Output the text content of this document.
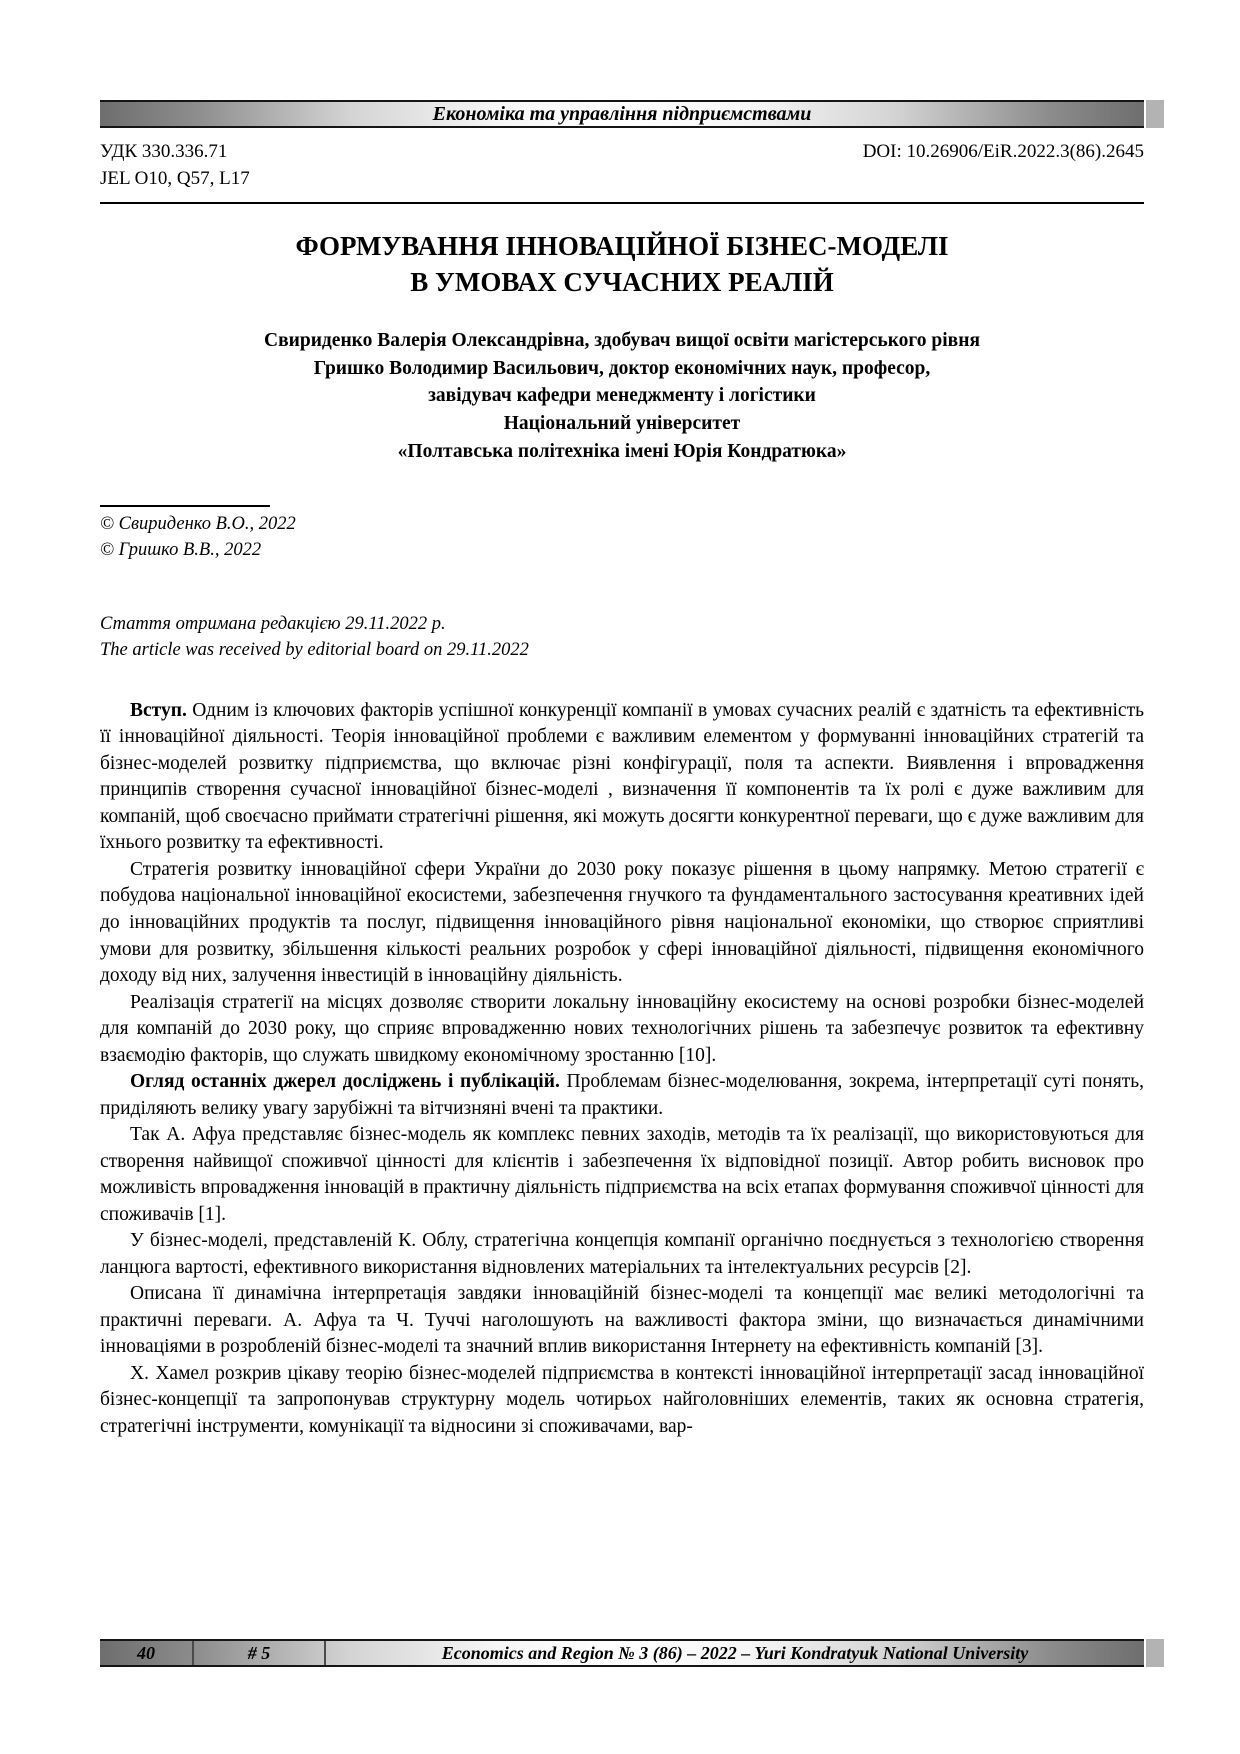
Економіка та управління підприємствами
УДК 330.336.71
JEL O10, Q57, L17
DOI: 10.26906/EiR.2022.3(86).2645
ФОРМУВАННЯ ІННОВАЦІЙНОЇ БІЗНЕС-МОДЕЛІ
В УМОВАХ СУЧАСНИХ РЕАЛІЙ
Свириденко Валерія Олександрівна, здобувач вищої освіти магістерського рівня
Гришко Володимир Васильович, доктор економічних наук, професор,
завідувач кафедри менеджменту і логістики
Національний університет
«Полтавська політехніка імені Юрія Кондратюка»
© Свириденко В.О., 2022
© Гришко В.В., 2022
Стаття отримана редакцією 29.11.2022 р.
The article was received by editorial board on 29.11.2022

Вступ. Одним із ключових факторів успішної конкуренції компанії в умовах сучасних реалій є здатність та ефективність її інноваційної діяльності. Теорія інноваційної проблеми є важливим елементом у формуванні інноваційних стратегій та бізнес-моделей розвитку підприємства, що включає різні конфігурації, поля та аспекти. Виявлення і впровадження принципів створення сучасної інноваційної бізнес-моделі , визначення її компонентів та їх ролі є дуже важливим для компаній, щоб своєчасно приймати стратегічні рішення, які можуть досягти конкурентної переваги, що є дуже важливим для їхнього розвитку та ефективності.

Стратегія розвитку інноваційної сфери України до 2030 року показує рішення в цьому напрямку. Метою стратегії є побудова національної інноваційної екосистеми, забезпечення гнучкого та фундаментального застосування креативних ідей до інноваційних продуктів та послуг, підвищення інноваційного рівня національної економіки, що створює сприятливі умови для розвитку, збільшення кількості реальних розробок у сфері інноваційної діяльності, підвищення економічного доходу від них, залучення інвестицій в інноваційну діяльність.

Реалізація стратегії на місцях дозволяє створити локальну інноваційну екосистему на основі розробки бізнес-моделей для компаній до 2030 року, що сприяє впровадженню нових технологічних рішень та забезпечує розвиток та ефективну взаємодію факторів, що служать швидкому економічному зростанню [10].

Огляд останніх джерел досліджень і публікацій. Проблемам бізнес-моделювання, зокрема, інтерпретації суті понять, приділяють велику увагу зарубіжні та вітчизняні вчені та практики.

Так А. Афуа представляє бізнес-модель як комплекс певних заходів, методів та їх реалізації, що використовуються для створення найвищої споживчої цінності для клієнтів і забезпечення їх відповідної позиції. Автор робить висновок про можливість впровадження інновацій в практичну діяльність підприємства на всіх етапах формування споживчої цінності для споживачів [1].

У бізнес-моделі, представленій К. Облу, стратегічна концепція компанії органічно поєднується з технологією створення ланцюга вартості, ефективного використання відновлених матеріальних та інтелектуальних ресурсів [2].

Описана її динамічна інтерпретація завдяки інноваційній бізнес-моделі та концепції має великі методологічні та практичні переваги. А. Афуа та Ч. Туччі наголошують на важливості фактора зміни, що визначається динамічними інноваціями в розробленій бізнес-моделі та значний вплив використання Інтернету на ефективність компаній [3].

Х. Хамел розкрив цікаву теорію бізнес-моделей підприємства в контексті інноваційної інтерпретації засад інноваційної бізнес-концепції та запропонував структурну модель чотирьох найголовніших елементів, таких як основна стратегія, стратегічні інструменти, комунікації та відносини зі споживачами, вар-

40	# 5	Economics and Region № 3 (86) – 2022 – Yuri Kondratyuk National University
